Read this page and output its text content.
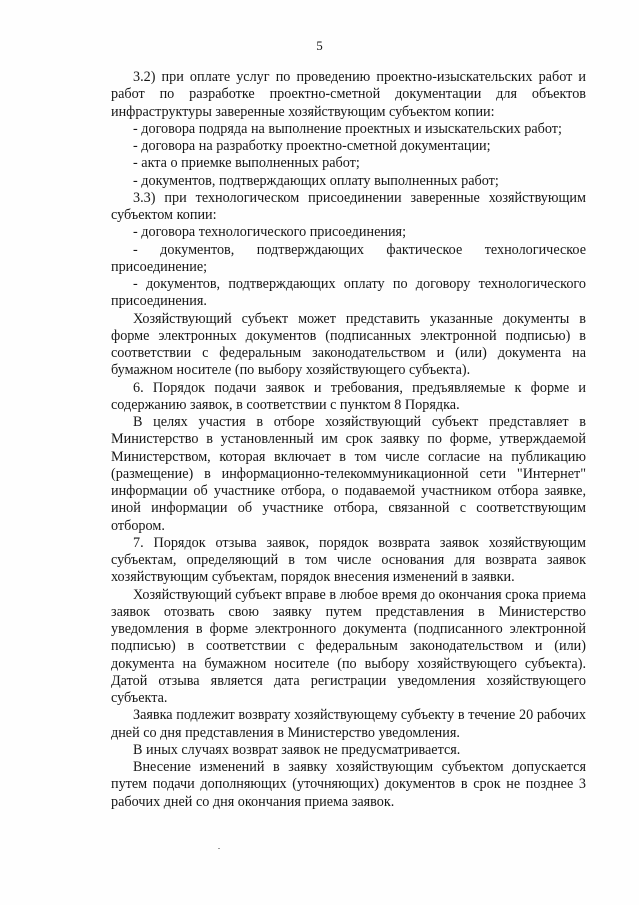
5

3.2) при оплате услуг по проведению проектно-изыскательских работ и работ по разработке проектно-сметной документации для объектов инфраструктуры заверенные хозяйствующим субъектом копии:

- договора подряда на выполнение проектных и изыскательских работ;

- договора на разработку проектно-сметной документации;

- акта о приемке выполненных работ;

- документов, подтверждающих оплату выполненных работ;

3.3) при технологическом присоединении заверенные хозяйствующим субъектом копии:

- договора технологического присоединения;

- документов, подтверждающих фактическое технологическое присоединение;

- документов, подтверждающих оплату по договору технологического присоединения.

Хозяйствующий субъект может представить указанные документы в форме электронных документов (подписанных электронной подписью) в соответствии с федеральным законодательством и (или) документа на бумажном носителе (по выбору хозяйствующего субъекта).

6. Порядок подачи заявок и требования, предъявляемые к форме и содержанию заявок, в соответствии с пунктом 8 Порядка.

В целях участия в отборе хозяйствующий субъект представляет в Министерство в установленный им срок заявку по форме, утверждаемой Министерством, которая включает в том числе согласие на публикацию (размещение) в информационно-телекоммуникационной сети "Интернет" информации об участнике отбора, о подаваемой участником отбора заявке, иной информации об участнике отбора, связанной с соответствующим отбором.

7. Порядок отзыва заявок, порядок возврата заявок хозяйствующим субъектам, определяющий в том числе основания для возврата заявок хозяйствующим субъектам, порядок внесения изменений в заявки.

Хозяйствующий субъект вправе в любое время до окончания срока приема заявок отозвать свою заявку путем представления в Министерство уведомления в форме электронного документа (подписанного электронной подписью) в соответствии с федеральным законодательством и (или) документа на бумажном носителе (по выбору хозяйствующего субъекта). Датой отзыва является дата регистрации уведомления хозяйствующего субъекта.

Заявка подлежит возврату хозяйствующему субъекту в течение 20 рабочих дней со дня представления в Министерство уведомления.

В иных случаях возврат заявок не предусматривается.

Внесение изменений в заявку хозяйствующим субъектом допускается путем подачи дополняющих (уточняющих) документов в срок не позднее 3 рабочих дней со дня окончания приема заявок.
